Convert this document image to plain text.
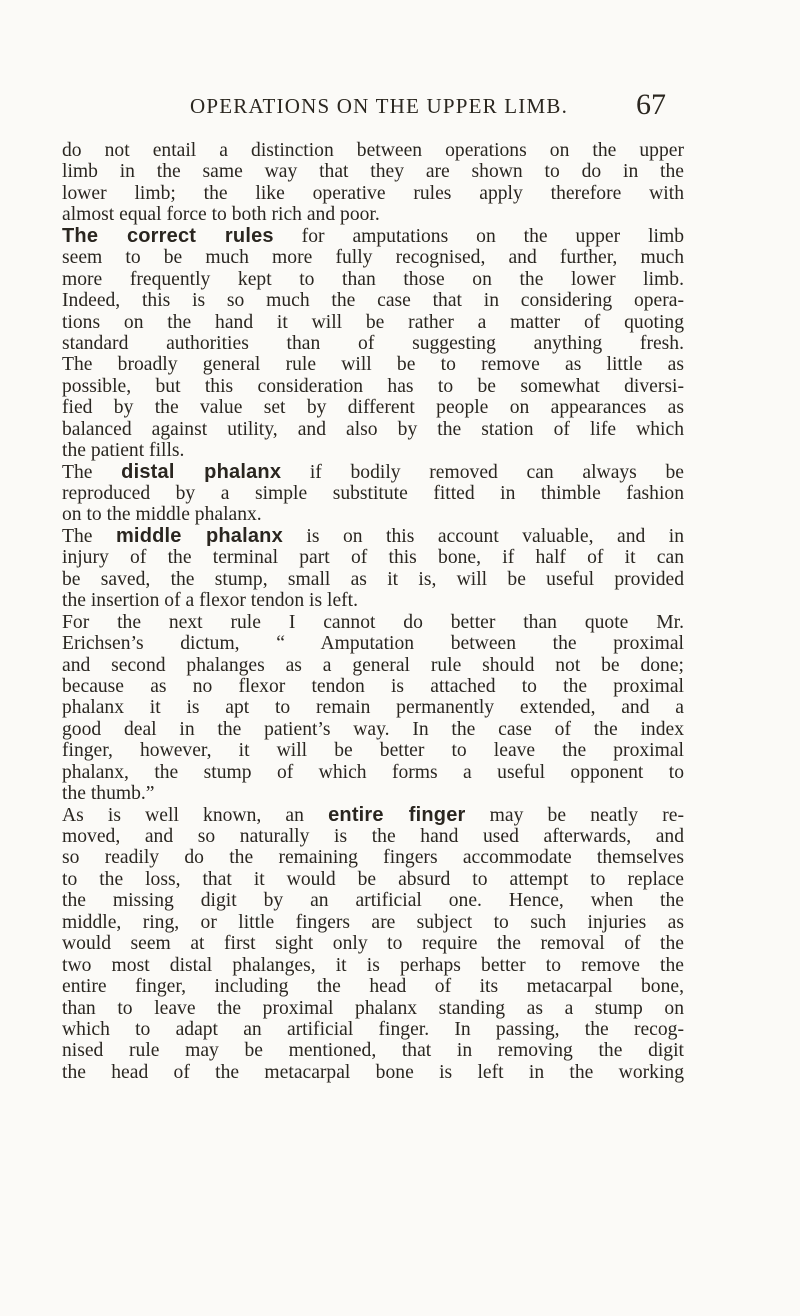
OPERATIONS ON THE UPPER LIMB. 67
do not entail a distinction between operations on the upper
limb in the same way that they are shown to do in the
lower limb; the like operative rules apply therefore with
almost equal force to both rich and poor.
The correct rules for amputations on the upper limb
seem to be much more fully recognised, and further, much
more frequently kept to than those on the lower limb.
Indeed, this is so much the case that in considering opera-
tions on the hand it will be rather a matter of quoting
standard authorities than of suggesting anything fresh.
The broadly general rule will be to remove as little as
possible, but this consideration has to be somewhat diversi-
fied by the value set by different people on appearances as
balanced against utility, and also by the station of life which
the patient fills.
The distal phalanx if bodily removed can always be
reproduced by a simple substitute fitted in thimble fashion
on to the middle phalanx.
The middle phalanx is on this account valuable, and in
injury of the terminal part of this bone, if half of it can
be saved, the stump, small as it is, will be useful provided
the insertion of a flexor tendon is left.
For the next rule I cannot do better than quote Mr.
Erichsen’s dictum, “ Amputation between the proximal
and second phalanges as a general rule should not be done;
because as no flexor tendon is attached to the proximal
phalanx it is apt to remain permanently extended, and a
good deal in the patient’s way. In the case of the index
finger, however, it will be better to leave the proximal
phalanx, the stump of which forms a useful opponent to
the thumb.”
As is well known, an entire finger may be neatly re-
moved, and so naturally is the hand used afterwards, and
so readily do the remaining fingers accommodate themselves
to the loss, that it would be absurd to attempt to replace
the missing digit by an artificial one. Hence, when the
middle, ring, or little fingers are subject to such injuries as
would seem at first sight only to require the removal of the
two most distal phalanges, it is perhaps better to remove the
entire finger, including the head of its metacarpal bone,
than to leave the proximal phalanx standing as a stump on
which to adapt an artificial finger. In passing, the recog-
nised rule may be mentioned, that in removing the digit
the head of the metacarpal bone is left in the working
